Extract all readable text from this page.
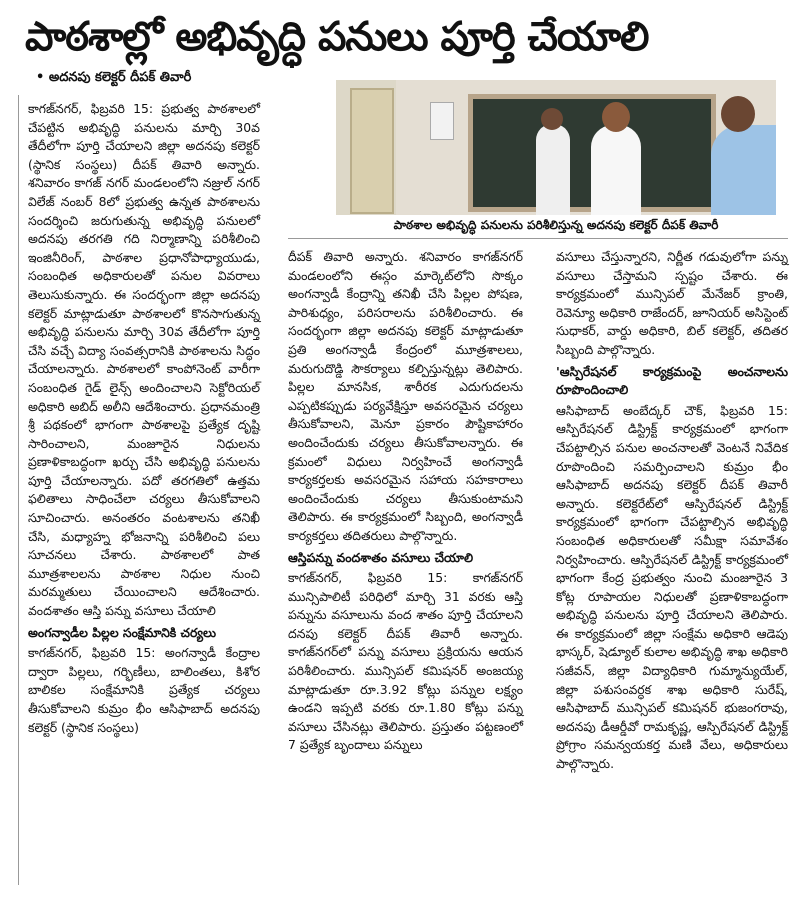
పాఠశాల్లో అభివృద్ధి పనులు పూర్తి చేయాలి
• అదనపు కలెక్టర్ దీపక్ తివారీ
పాఠశాల అభివృద్ధి పనులను పరిశీలిస్తున్న అదనపు కలెక్టర్ దీపక్ తివారీ

కాగజ్‌నగర్, ఫిబ్రవరి 15: ప్రభుత్వ పాఠశాలలో చేపట్టిన అభివృద్ధి పనులను మార్చి 30వ తేదీలోగా పూర్తి చేయాలని జిల్లా అదనపు కలెక్టర్ (స్థానిక సంస్థలు) దీపక్ తివారి అన్నారు. శనివారం కాగజ్ నగర్ మండలంలోని నజ్రుల్ నగర్ విలేజ్ నంబర్ 8లో ప్రభుత్వ ఉన్నత పాఠశాలను సందర్శించి జరుగుతున్న అభివృద్ధి పనులలో అదనపు తరగతి గది నిర్మాణాన్ని పరిశీలించి ఇంజినీరింగ్, పాఠశాల ప్రధానోపాధ్యాయుడు, సంబంధిత అధికారులతో పనుల వివరాలు తెలుసుకున్నారు. ఈ సందర్భంగా జిల్లా అదనపు కలెక్టర్ మాట్లాడుతూ పాఠశాలలో కొనసాగుతున్న అభివృద్ధి పనులను మార్చి 30వ తేదీలోగా పూర్తి చేసి వచ్చే విద్యా సంవత్సరానికి పాఠశాలను సిద్ధం చేయాలన్నారు. పాఠశాలలో కాంపోనెంట్ వారీగా సంబంధిత గైడ్ లైన్స్ అందించాలని సెక్టోరియల్ అధికారి అబిద్ అలీని ఆదేశించారు. ప్రధానమంత్రి శ్రీ పథకంలో భాగంగా పాఠశాలపై ప్రత్యేక దృష్టి సారించాలని, మంజూరైన నిధులను ప్రణాళికాబద్ధంగా ఖర్చు చేసి అభివృద్ధి పనులను పూర్తి చేయాలన్నారు. పదో తరగతిలో ఉత్తమ ఫలితాలు సాధించేలా చర్యలు తీసుకోవాలని సూచించారు. అనంతరం వంటశాలను తనిఖీ చేసి, మధ్యాహ్న భోజనాన్ని పరిశీలించి పలు సూచనలు చేశారు. పాఠశాలలో పాత మూత్రశాలలను పాఠశాల నిధుల నుంచి మరమ్మతులు చేయించాలని ఆదేశించారు. వందశాతం ఆస్తి పన్ను వసూలు చేయాలి

అంగన్వాడీల పిల్లల సంక్షేమానికి చర్యలు

కాగజ్‌నగర్, ఫిబ్రవరి 15: అంగన్వాడీ కేంద్రాల ద్వారా పిల్లలు, గర్భిణీలు, బాలింతలు, కిశోర బాలికల సంక్షేమానికి ప్రత్యేక చర్యలు తీసుకోవాలని కుమ్రం భీం ఆసిఫాబాద్ అదనపు కలెక్టర్ (స్థానిక సంస్థలు)

దీపక్ తివారి అన్నారు. శనివారం కాగజ్‌నగర్ మండలంలోని ఈస్గం మార్కెట్‌లోని సొక్కం అంగన్వాడీ కేంద్రాన్ని తనిఖీ చేసి పిల్లల పోషణ, పారిశుధ్యం, పరిసరాలను పరిశీలించారు. ఈ సందర్భంగా జిల్లా అదనపు కలెక్టర్ మాట్లాడుతూ ప్రతి అంగన్వాడీ కేంద్రంలో మూత్రశాలలు, మరుగుదొడ్డి సౌకర్యాలు కల్పిస్తున్నట్లు తెలిపారు. పిల్లల మానసిక, శారీరక ఎదుగుదలను ఎప్పటికప్పుడు పర్యవేక్షిస్తూ అవసరమైన చర్యలు తీసుకోవాలని, మెనూ ప్రకారం పౌష్టికాహారం అందించేందుకు చర్యలు తీసుకోవాలన్నారు. ఈ క్రమంలో విధులు నిర్వహించే అంగన్వాడీ కార్యకర్తలకు అవసరమైన సహాయ సహకారాలు అందించేందుకు చర్యలు తీసుకుంటామని తెలిపారు. ఈ కార్యక్రమంలో సిబ్బంది, అంగన్వాడీ కార్యకర్తలు తదితరులు పాల్గొన్నారు.

ఆస్తిపన్ను వందశాతం వసూలు చేయాలి

కాగజ్‌నగర్, ఫిబ్రవరి 15: కాగజ్‌నగర్ మున్సిపాలిటీ పరిధిలో మార్చి 31 వరకు ఆస్తి పన్నును వసూలును వంద శాతం పూర్తి చేయాలని దనపు కలెక్టర్ దీపక్ తివారీ అన్నారు. కాగజ్‌నగర్‌లో పన్ను వసూలు ప్రక్రియను ఆయన పరిశీలించారు. మున్సిపల్ కమిషనర్ అంజయ్య మాట్లాడుతూ రూ.3.92 కోట్లు పన్నుల లక్ష్యం ఉండని ఇప్పటి వరకు రూ.1.80 కోట్లు పన్ను వసూలు చేసినట్లు తెలిపారు. ప్రస్తుతం పట్టణంలో 7 ప్రత్యేక బృందాలు పన్నులు

వసూలు చేస్తున్నారని, నిర్ణీత గడువులోగా పన్ను వసూలు చేస్తామని స్పష్టం చేశారు. ఈ కార్యక్రమంలో మున్సిపల్ మేనేజర్ క్రాంతి, రెవెన్యూ అధికారి రాజేందర్, జూనియర్ అసిస్టెంట్ సుధాకర్, వార్డు అధికారి, బిల్ కలెక్టర్, తదితర సిబ్బంది పాల్గొన్నారు.

'ఆస్పిరేషనల్ కార్యక్రమంపై అంచనాలను రూపొందించాలి

ఆసిఫాబాద్ అంబేద్కర్ చౌక్, ఫిబ్రవరి 15: ఆస్పిరేషనల్ డిస్ట్రిక్ట్ కార్యక్రమంలో భాగంగా చేపట్టాల్సిన పనుల అంచనాలతో వెంటనే నివేదిక రూపొందించి సమర్పించాలని కుమ్రం భీం ఆసిఫాబాద్ అదనపు కలెక్టర్ దీపక్ తివారీ అన్నారు. కలెక్టరేట్‌లో ఆస్పిరేషనల్ డిస్ట్రిక్ట్ కార్యక్రమంలో భాగంగా చేపట్టాల్సిన అభివృద్ధి సంబంధిత అధికారులతో సమీక్షా సమావేశం నిర్వహించారు. ఆస్పిరేషనల్ డిస్ట్రిక్ట్ కార్యక్రమంలో భాగంగా కేంద్ర ప్రభుత్వం నుంచి మంజూరైన 3 కోట్ల రూపాయల నిధులతో ప్రణాళికాబద్ధంగా అభివృద్ధి పనులను పూర్తి చేయాలని తెలిపారు. ఈ కార్యక్రమంలో జిల్లా సంక్షేమ అధికారి ఆడెపు భాస్కర్, షెడ్యూల్ కులాల అభివృద్ధి శాఖ అధికారి సజీవన్, జిల్లా విద్యాధికారి గుమ్మాన్యుయేల్, జిల్లా పశుసంవర్ధక శాఖ అధికారి సురేష్, ఆసిఫాబాద్ మున్సిపల్ కమిషనర్ భుజంగరావు, అదనపు డీఆర్డీవో రామకృష్ణ, ఆస్పిరేషనల్ డిస్ట్రిక్ట్ ప్రోగ్రాం సమన్వయకర్త మణి వేలు, అధికారులు పాల్గొన్నారు.
